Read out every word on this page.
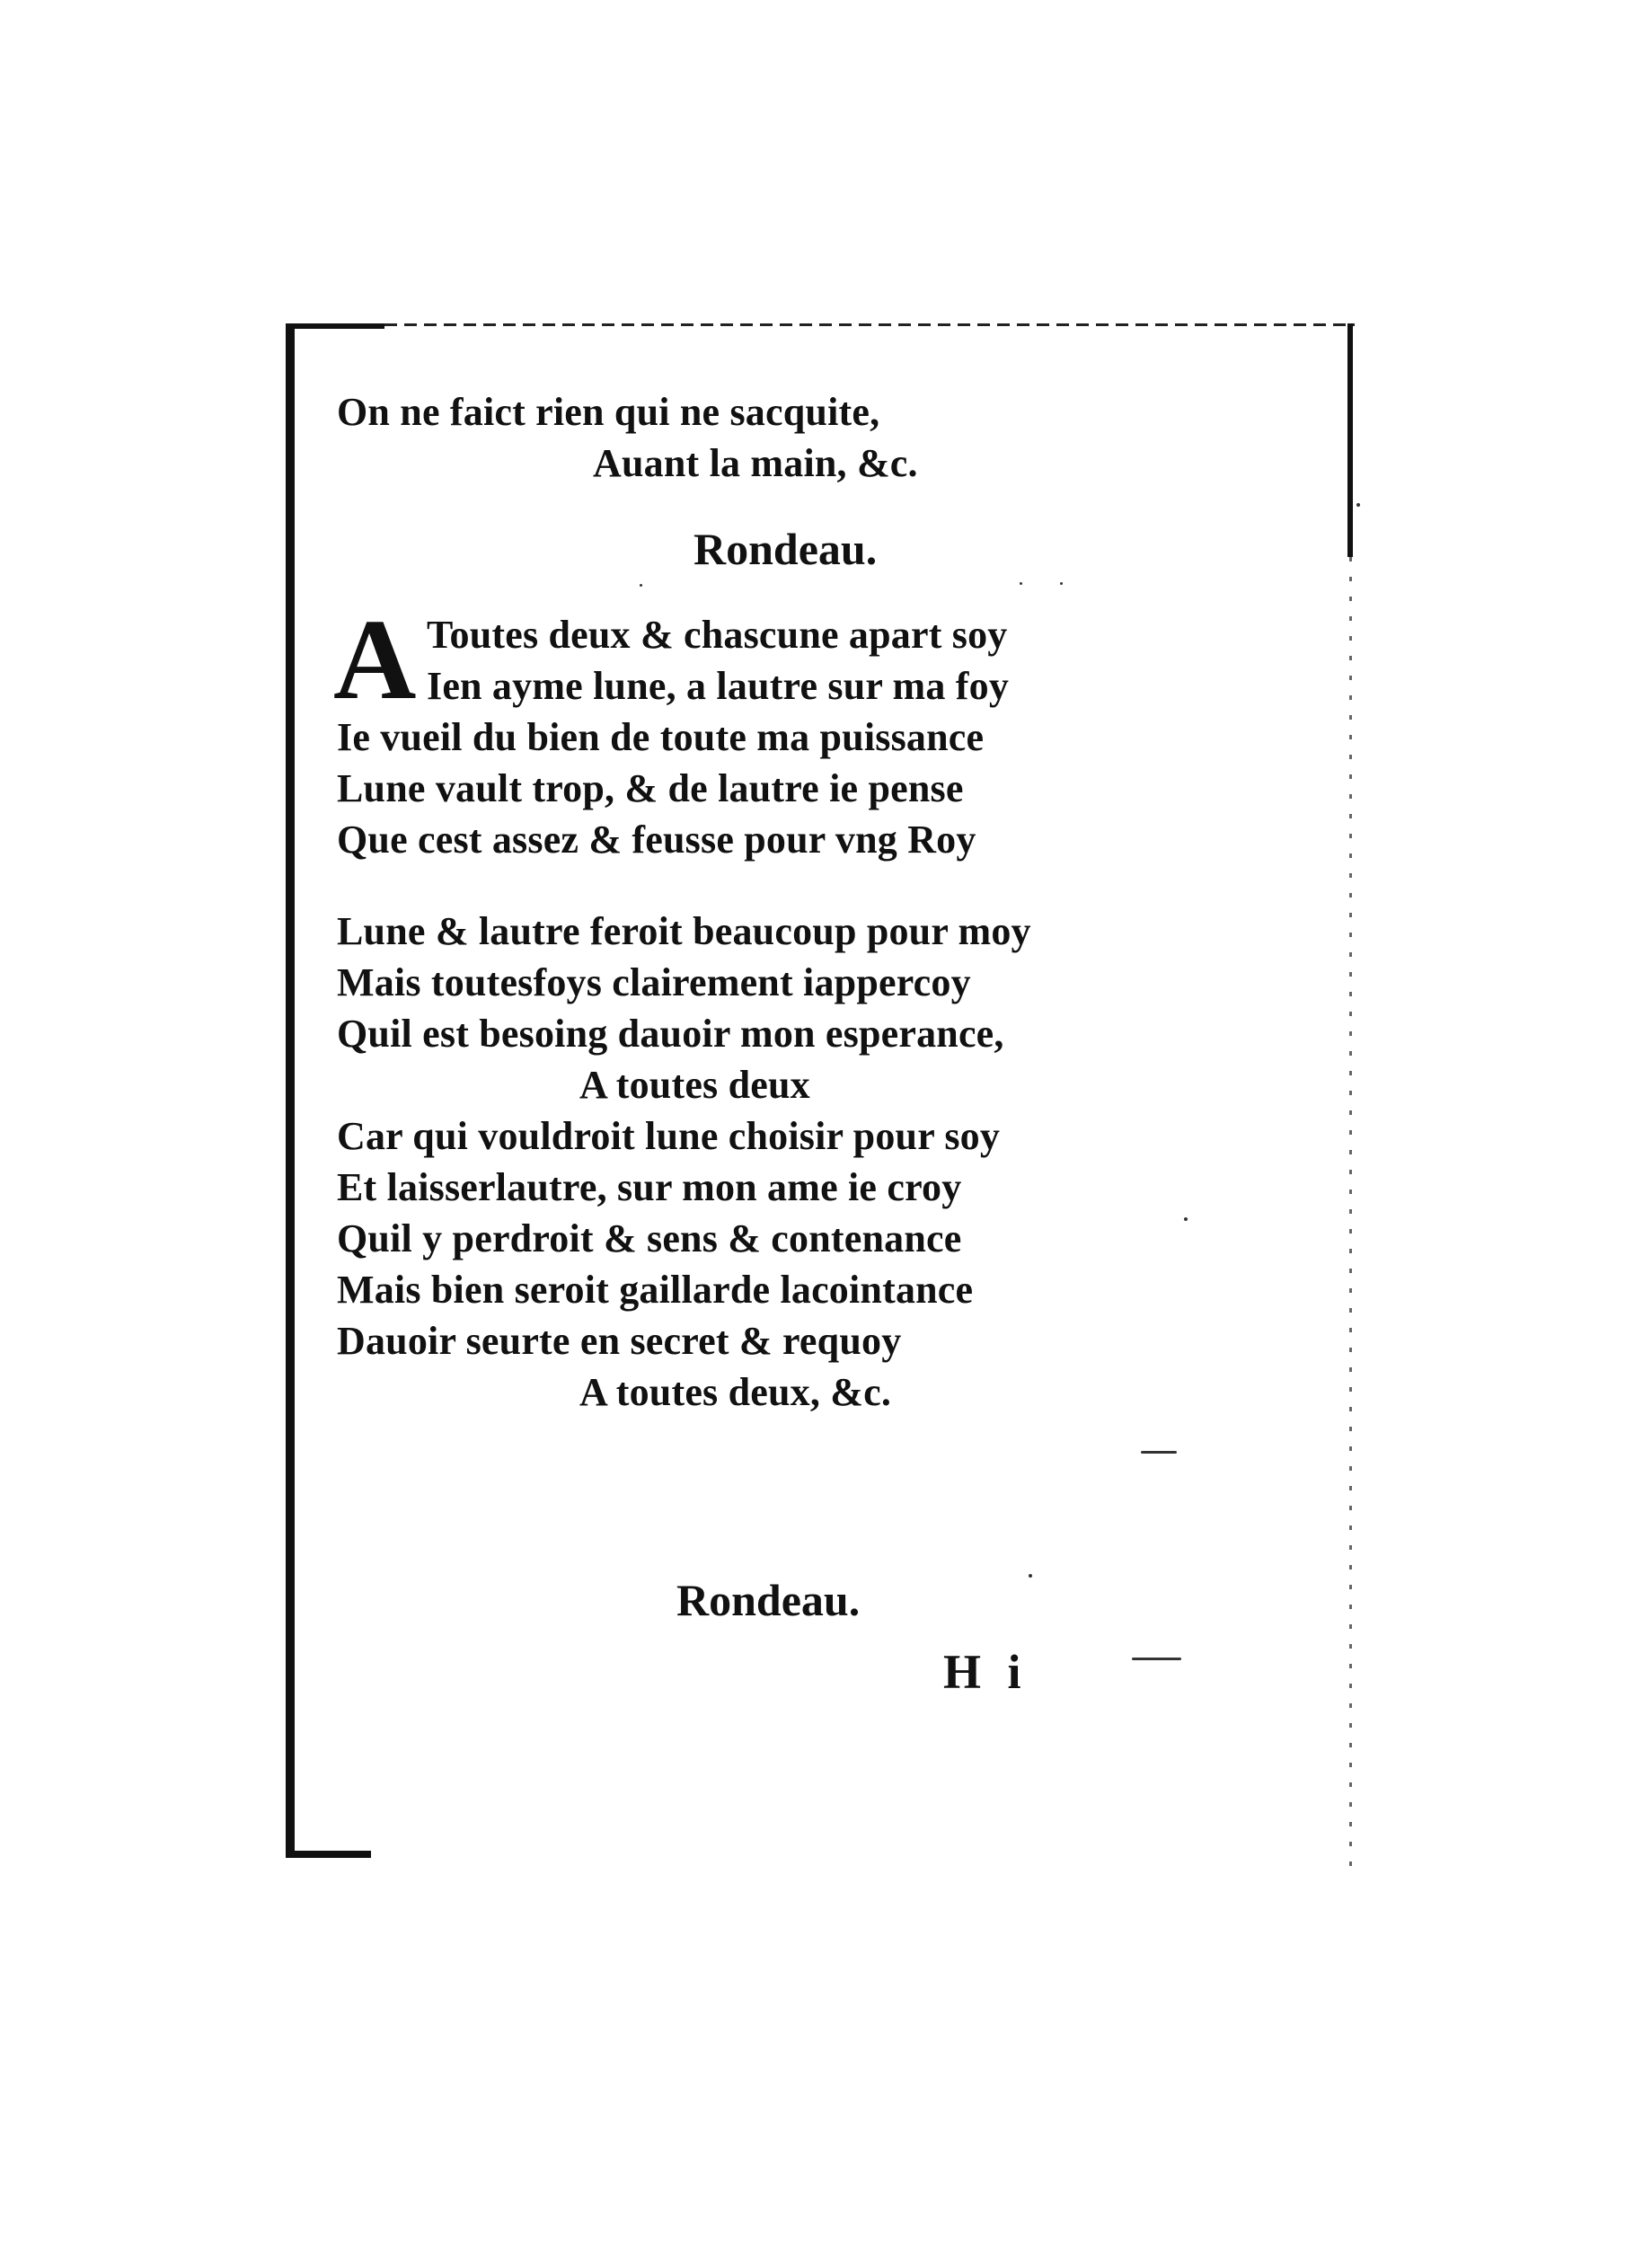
On ne faict rien qui ne sacquite,
Auant la main, &c.
Rondeau.
A Toutes deux & chascune apart soy
Ien ayme lune, a lautre sur ma foy
Ie vueil du bien de toute ma puissance
Lune vault trop, & de lautre ie pense
Que cest assez & feusse pour vng Roy
Lune & lautre feroit beaucoup pour moy
Mais toutesfoys clairement iappercoy
Quil est besoing dauoir mon esperance,
A toutes deux
Car qui vouldroit lune choisir pour soy
Et laisserlautre, sur mon ame ie croy
Quil y perdroit & sens & contenance
Mais bien seroit gaillarde lacointance
Dauoir seurte en secret & requoy
A toutes deux, &c.
Rondeau.
H i
